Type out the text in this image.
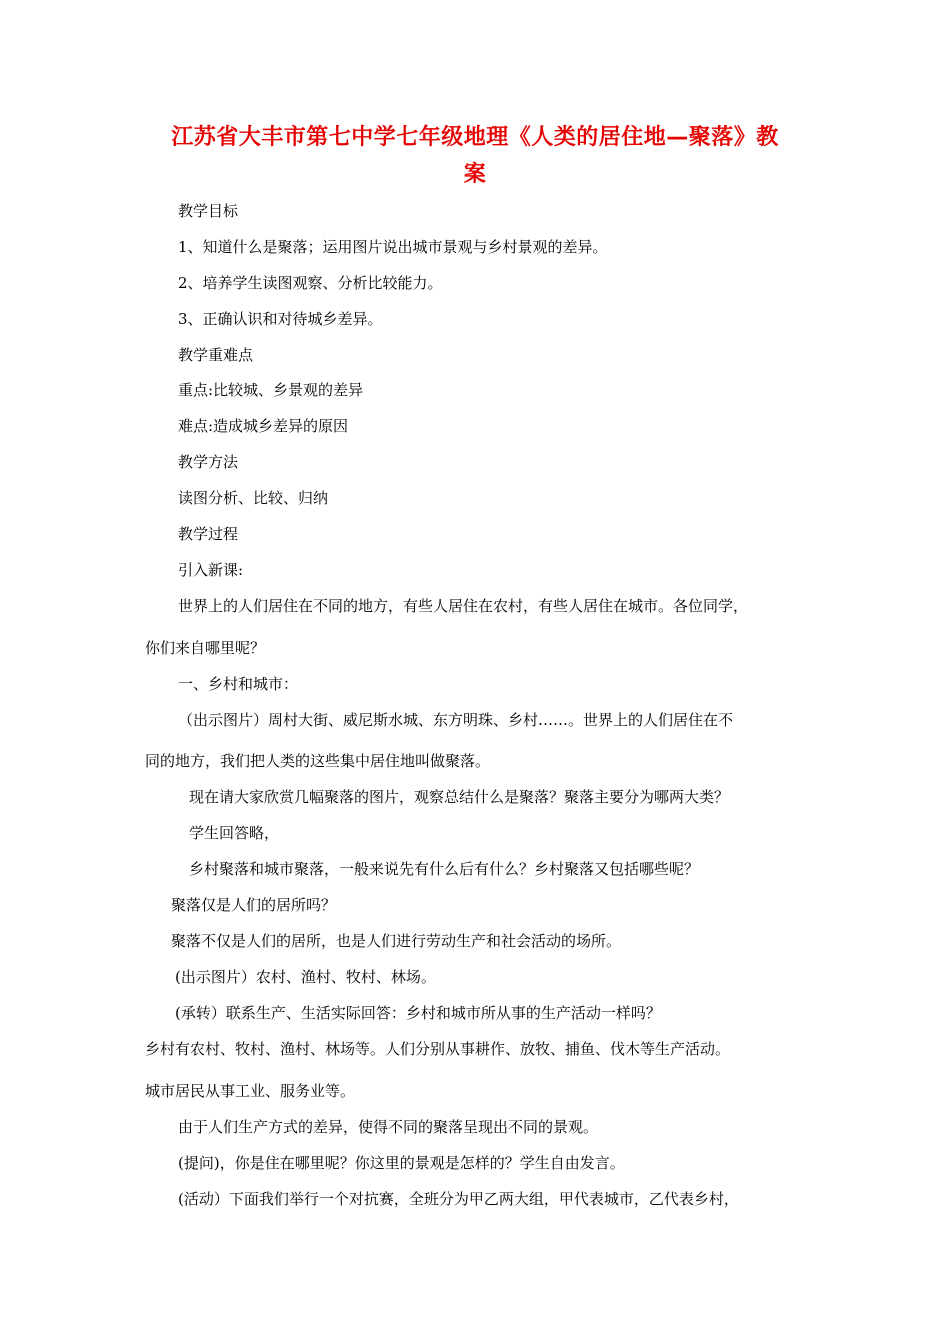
江苏省大丰市第七中学七年级地理《人类的居住地—聚落》教
案
教学目标
1、知道什么是聚落；运用图片说出城市景观与乡村景观的差异。
2、培养学生读图观察、分析比较能力。
3、正确认识和对待城乡差异。
教学重难点
重点:比较城、乡景观的差异
难点:造成城乡差异的原因
教学方法
读图分析、比较、归纳
教学过程
引入新课:
世界上的人们居住在不同的地方，有些人居住在农村，有些人居住在城市。各位同学，
你们来自哪里呢？
一、乡村和城市：
（出示图片）周村大街、威尼斯水城、东方明珠、乡村……。世界上的人们居住在不
同的地方，我们把人类的这些集中居住地叫做聚落。
现在请大家欣赏几幅聚落的图片，观察总结什么是聚落？聚落主要分为哪两大类？
学生回答略，
乡村聚落和城市聚落，一般来说先有什么后有什么？乡村聚落又包括哪些呢？
聚落仅是人们的居所吗？
聚落不仅是人们的居所，也是人们进行劳动生产和社会活动的场所。
(出示图片）农村、渔村、牧村、林场。
(承转）联系生产、生活实际回答：乡村和城市所从事的生产活动一样吗？
乡村有农村、牧村、渔村、林场等。人们分别从事耕作、放牧、捕鱼、伐木等生产活动。
城市居民从事工业、服务业等。
由于人们生产方式的差异，使得不同的聚落呈现出不同的景观。
(提问)，你是住在哪里呢？你这里的景观是怎样的？学生自由发言。
(活动）下面我们举行一个对抗赛，全班分为甲乙两大组，甲代表城市，乙代表乡村，
